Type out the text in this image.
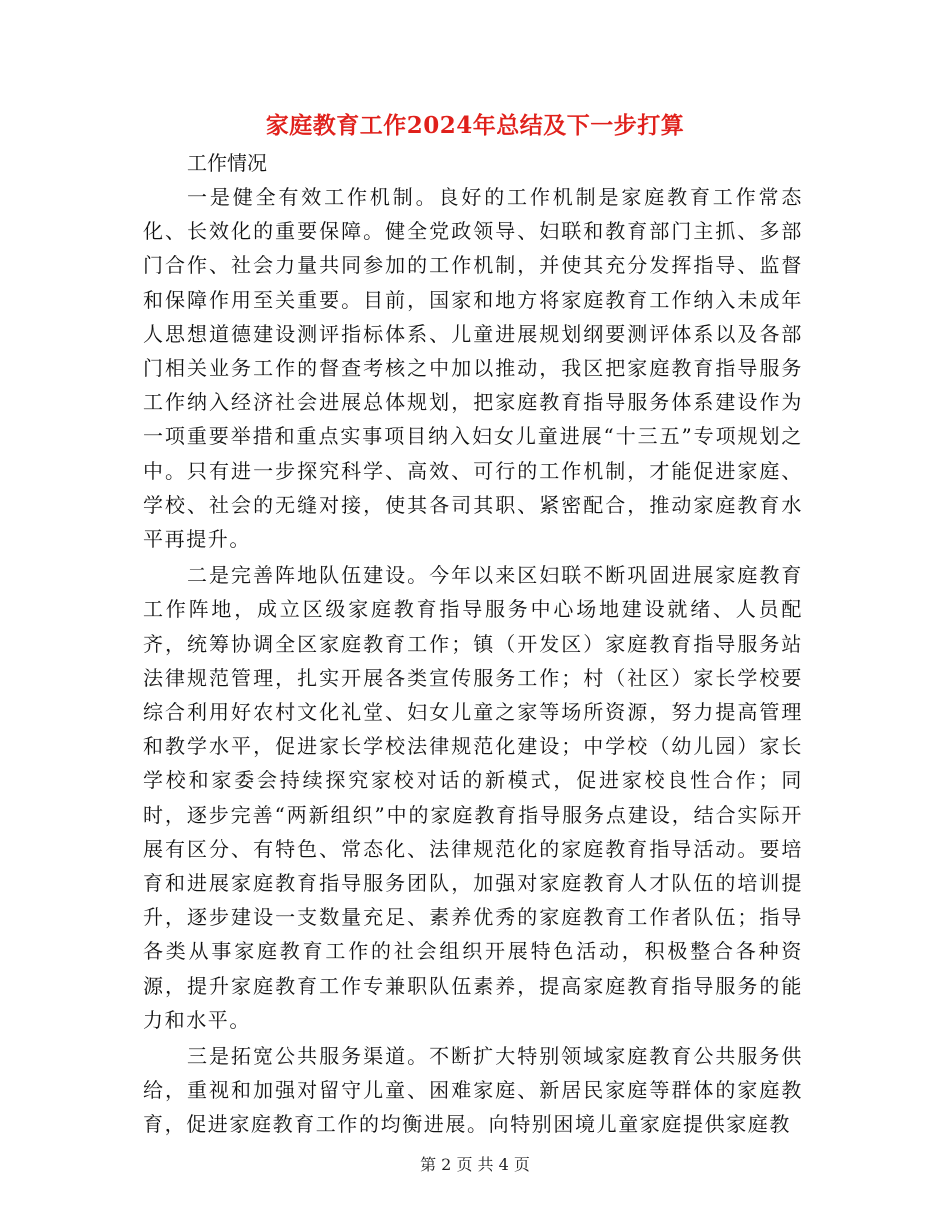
家庭教育工作2024年总结及下一步打算

工作情况

一是健全有效工作机制。良好的工作机制是家庭教育工作常态化、长效化的重要保障。健全党政领导、妇联和教育部门主抓、多部门合作、社会力量共同参加的工作机制，并使其充分发挥指导、监督和保障作用至关重要。目前，国家和地方将家庭教育工作纳入未成年人思想道德建设测评指标体系、儿童进展规划纲要测评体系以及各部门相关业务工作的督查考核之中加以推动，我区把家庭教育指导服务工作纳入经济社会进展总体规划，把家庭教育指导服务体系建设作为一项重要举措和重点实事项目纳入妇女儿童进展“十三五”专项规划之中。只有进一步探究科学、高效、可行的工作机制，才能促进家庭、学校、社会的无缝对接，使其各司其职、紧密配合，推动家庭教育水平再提升。

二是完善阵地队伍建设。今年以来区妇联不断巩固进展家庭教育工作阵地，成立区级家庭教育指导服务中心场地建设就绪、人员配齐，统筹协调全区家庭教育工作；镇（开发区）家庭教育指导服务站法律规范管理，扎实开展各类宣传服务工作；村（社区）家长学校要综合利用好农村文化礼堂、妇女儿童之家等场所资源，努力提高管理和教学水平，促进家长学校法律规范化建设；中学校（幼儿园）家长学校和家委会持续探究家校对话的新模式，促进家校良性合作；同时，逐步完善“两新组织”中的家庭教育指导服务点建设，结合实际开展有区分、有特色、常态化、法律规范化的家庭教育指导活动。要培育和进展家庭教育指导服务团队，加强对家庭教育人才队伍的培训提升，逐步建设一支数量充足、素养优秀的家庭教育工作者队伍；指导各类从事家庭教育工作的社会组织开展特色活动，积极整合各种资源，提升家庭教育工作专兼职队伍素养，提高家庭教育指导服务的能力和水平。

三是拓宽公共服务渠道。不断扩大特别领域家庭教育公共服务供给，重视和加强对留守儿童、困难家庭、新居民家庭等群体的家庭教育，促进家庭教育工作的均衡进展。向特别困境儿童家庭提供家庭教

第 2 页 共 4 页
